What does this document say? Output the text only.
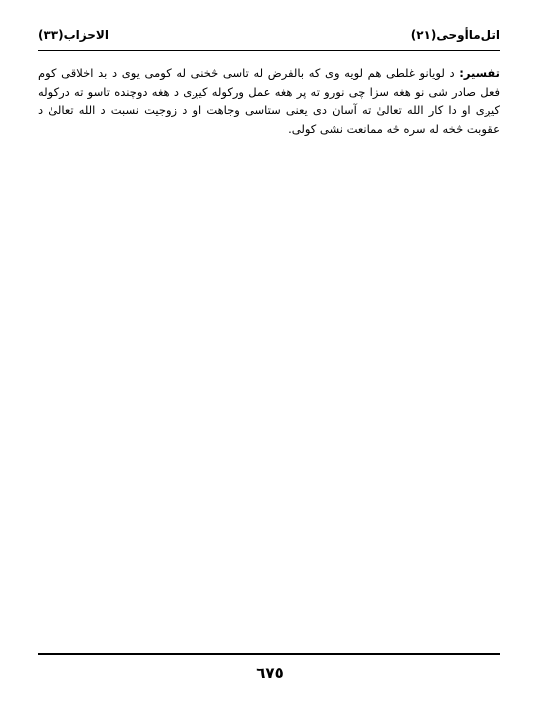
اتل‌ماأوحی(۲۱)
الاحزاب(۳۳)
تفسیر: د لویانو غلطی هم لویه وی که بالفرض له تاسی څخنی له کومی یوی د بد اخلاقی کوم فعل صادر شی نو هغه سزا چی نورو ته پر هغه عمل ورکوله کیږی د هغه دوچنده تاسو ته درکوله کیږی او دا کار الله تعالیٰ ته آسان دی یعنی ستاسی وجاهت او د زوجیت نسبت د الله تعالیٰ د عقوبت څخه له سره څه ممانعت نشی کولی.
٦٧٥
